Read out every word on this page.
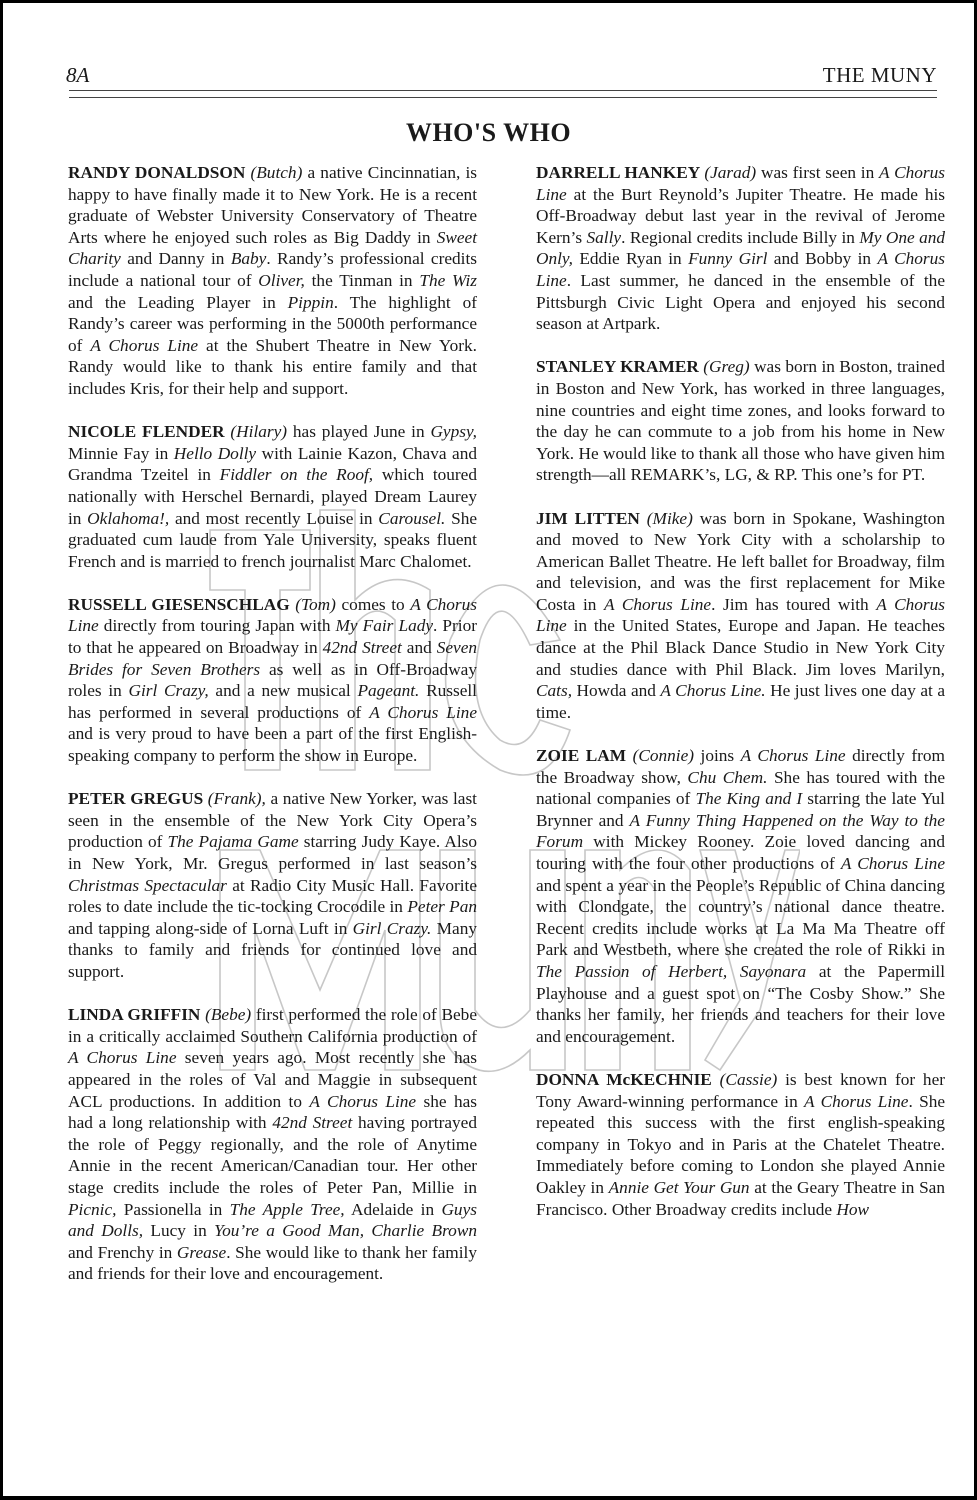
8A	THE MUNY
WHO'S WHO

RANDY DONALDSON (Butch) a native Cincinnatian, is happy to have finally made it to New York. He is a recent graduate of Webster University Conservatory of Theatre Arts where he enjoyed such roles as Big Daddy in Sweet Charity and Danny in Baby. Randy’s professional credits include a national tour of Oliver, the Tinman in The Wiz and the Leading Player in Pippin. The highlight of Randy’s career was performing in the 5000th performance of A Chorus Line at the Shubert Theatre in New York. Randy would like to thank his entire family and that includes Kris, for their help and support.

NICOLE FLENDER (Hilary) has played June in Gypsy, Minnie Fay in Hello Dolly with Lainie Kazon, Chava and Grandma Tzeitel in Fiddler on the Roof, which toured nationally with Herschel Bernardi, played Dream Laurey in Oklahoma!, and most recently Louise in Carousel. She graduated cum laude from Yale University, speaks fluent French and is married to french journalist Marc Chalomet.

RUSSELL GIESENSCHLAG (Tom) comes to A Chorus Line directly from touring Japan with My Fair Lady. Prior to that he appeared on Broadway in 42nd Street and Seven Brides for Seven Brothers as well as in Off-Broadway roles in Girl Crazy, and a new musical Pageant. Russell has performed in several productions of A Chorus Line and is very proud to have been a part of the first English-speaking company to perform the show in Europe.

PETER GREGUS (Frank), a native New Yorker, was last seen in the ensemble of the New York City Opera’s production of The Pajama Game starring Judy Kaye. Also in New York, Mr. Gregus performed in last season’s Christmas Spectacular at Radio City Music Hall. Favorite roles to date include the tic-tocking Crocodile in Peter Pan and tapping along-side of Lorna Luft in Girl Crazy. Many thanks to family and friends for continued love and support.

LINDA GRIFFIN (Bebe) first performed the role of Bebe in a critically acclaimed Southern California production of A Chorus Line seven years ago. Most recently she has appeared in the roles of Val and Maggie in subsequent ACL productions. In addition to A Chorus Line she has had a long relationship with 42nd Street having portrayed the role of Peggy regionally, and the role of Anytime Annie in the recent American/Canadian tour. Her other stage credits include the roles of Peter Pan, Millie in Picnic, Passionella in The Apple Tree, Adelaide in Guys and Dolls, Lucy in You’re a Good Man, Charlie Brown and Frenchy in Grease. She would like to thank her family and friends for their love and encouragement.

DARRELL HANKEY (Jarad) was first seen in A Chorus Line at the Burt Reynold’s Jupiter Theatre. He made his Off-Broadway debut last year in the revival of Jerome Kern’s Sally. Regional credits include Billy in My One and Only, Eddie Ryan in Funny Girl and Bobby in A Chorus Line. Last summer, he danced in the ensemble of the Pittsburgh Civic Light Opera and enjoyed his second season at Artpark.

STANLEY KRAMER (Greg) was born in Boston, trained in Boston and New York, has worked in three languages, nine countries and eight time zones, and looks forward to the day he can commute to a job from his home in New York. He would like to thank all those who have given him strength—all REMARK’s, LG, & RP. This one’s for PT.

JIM LITTEN (Mike) was born in Spokane, Washington and moved to New York City with a scholarship to American Ballet Theatre. He left ballet for Broadway, film and television, and was the first replacement for Mike Costa in A Chorus Line. Jim has toured with A Chorus Line in the United States, Europe and Japan. He teaches dance at the Phil Black Dance Studio in New York City and studies dance with Phil Black. Jim loves Marilyn, Cats, Howda and A Chorus Line. He just lives one day at a time.

ZOIE LAM (Connie) joins A Chorus Line directly from the Broadway show, Chu Chem. She has toured with the national companies of The King and I starring the late Yul Brynner and A Funny Thing Happened on the Way to the Forum with Mickey Rooney. Zoie loved dancing and touring with the four other productions of A Chorus Line and spent a year in the People’s Republic of China dancing with Clondgate, the country’s national dance theatre. Recent credits include works at La Ma Ma Theatre off Park and Westbeth, where she created the role of Rikki in The Passion of Herbert, Sayonara at the Papermill Playhouse and a guest spot on “The Cosby Show.” She thanks her family, her friends and teachers for their love and encouragement.

DONNA McKECHNIE (Cassie) is best known for her Tony Award-winning performance in A Chorus Line. She repeated this success with the first english-speaking company in Tokyo and in Paris at the Chatelet Theatre. Immediately before coming to London she played Annie Oakley in Annie Get Your Gun at the Geary Theatre in San Francisco. Other Broadway credits include How
